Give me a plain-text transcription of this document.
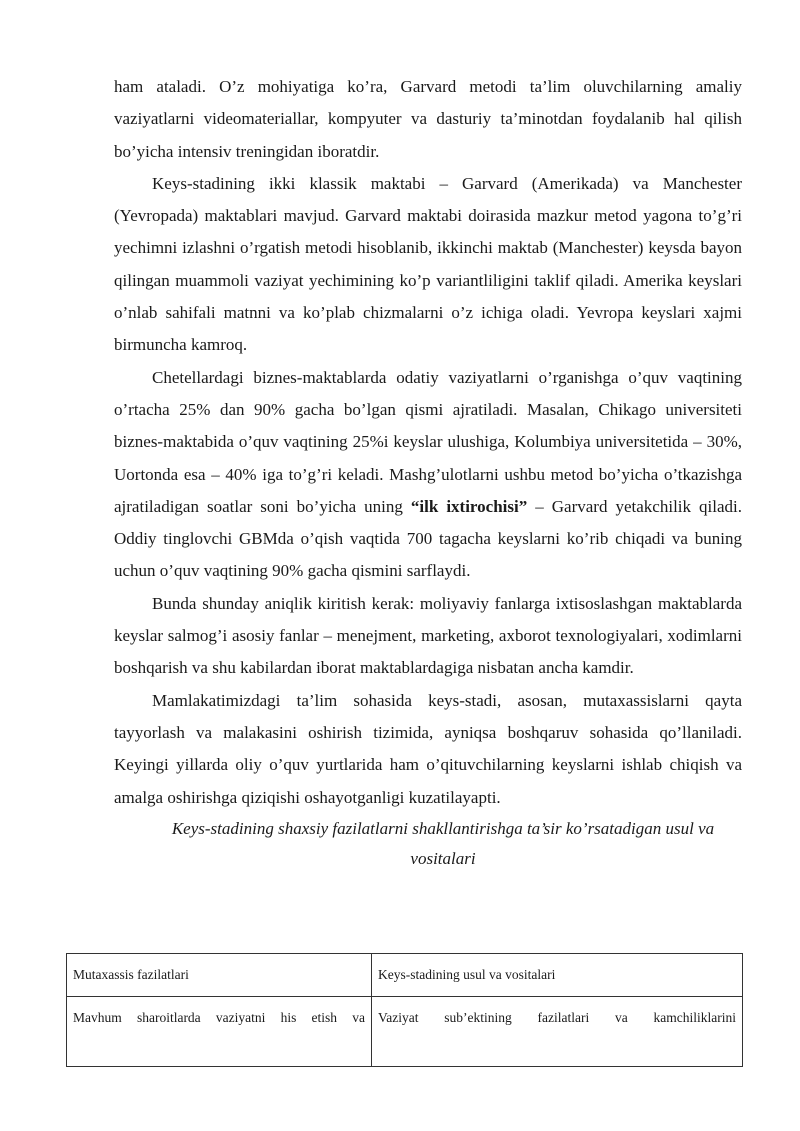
ham ataladi. O’z mohiyatiga ko’ra, Garvard metodi ta’lim oluvchilarning amaliy vaziyatlarni videomateriallar, kompyuter va dasturiy ta’minotdan foydalanib hal qilish bo’yicha intensiv treningidan iboratdir.

Keys-stadining ikki klassik maktabi – Garvard (Amerikada) va Manchester (Yevropada) maktablari mavjud. Garvard maktabi doirasida mazkur metod yagona to’g’ri yechimni izlashni o’rgatish metodi hisoblanib, ikkinchi maktab (Manchester) keysda bayon qilingan muammoli vaziyat yechimining ko’p variantliligini taklif qiladi. Amerika keyslari o’nlab sahifali matnni va ko’plab chizmalarni o’z ichiga oladi. Yevropa keyslari xajmi birmuncha kamroq.

Chetellardagi biznes-maktablarda odatiy vaziyatlarni o’rganishga o’quv vaqtining o’rtacha 25% dan 90% gacha bo’lgan qismi ajratiladi. Masalan, Chikago universiteti biznes-maktabida o’quv vaqtining 25%i keyslar ulushiga, Kolumbiya universitetida – 30%, Uortonda esa – 40% iga to’g’ri keladi. Mashg’ulotlarni ushbu metod bo’yicha o’tkazishga ajratiladigan soatlar soni bo’yicha uning “ilk ixtirochisi” – Garvard yetakchilik qiladi. Oddiy tinglovchi GBMda o’qish vaqtida 700 tagacha keyslarni ko’rib chiqadi va buning uchun o’quv vaqtining 90% gacha qismini sarflaydi.

Bunda shunday aniqlik kiritish kerak: moliyaviy fanlarga ixtisoslashgan maktablarda keyslar salmog’i asosiy fanlar – menejment, marketing, axborot texnologiyalari, xodimlarni boshqarish va shu kabilardan iborat maktablardagiga nisbatan ancha kamdir.

Mamlakatimizdagi ta’lim sohasida keys-stadi, asosan, mutaxassislarni qayta tayyorlash va malakasini oshirish tizimida, ayniqsa boshqaruv sohasida qo’llaniladi. Keyingi yillarda oliy o’quv yurtlarida ham o’qituvchilarning keyslarni ishlab chiqish va amalga oshirishga qiziqishi oshayotganligi kuzatilayapti.

Keys-stadining shaxsiy fazilatlarni shakllantirishga ta’sir ko’rsatadigan usul va vositalari

Mutaxassis fazilatlari	Keys-stadining usul va vositalari
Mavhum sharoitlarda vaziyatni his etish va	Vaziyat sub’ektining fazilatlari va kamchiliklarini
